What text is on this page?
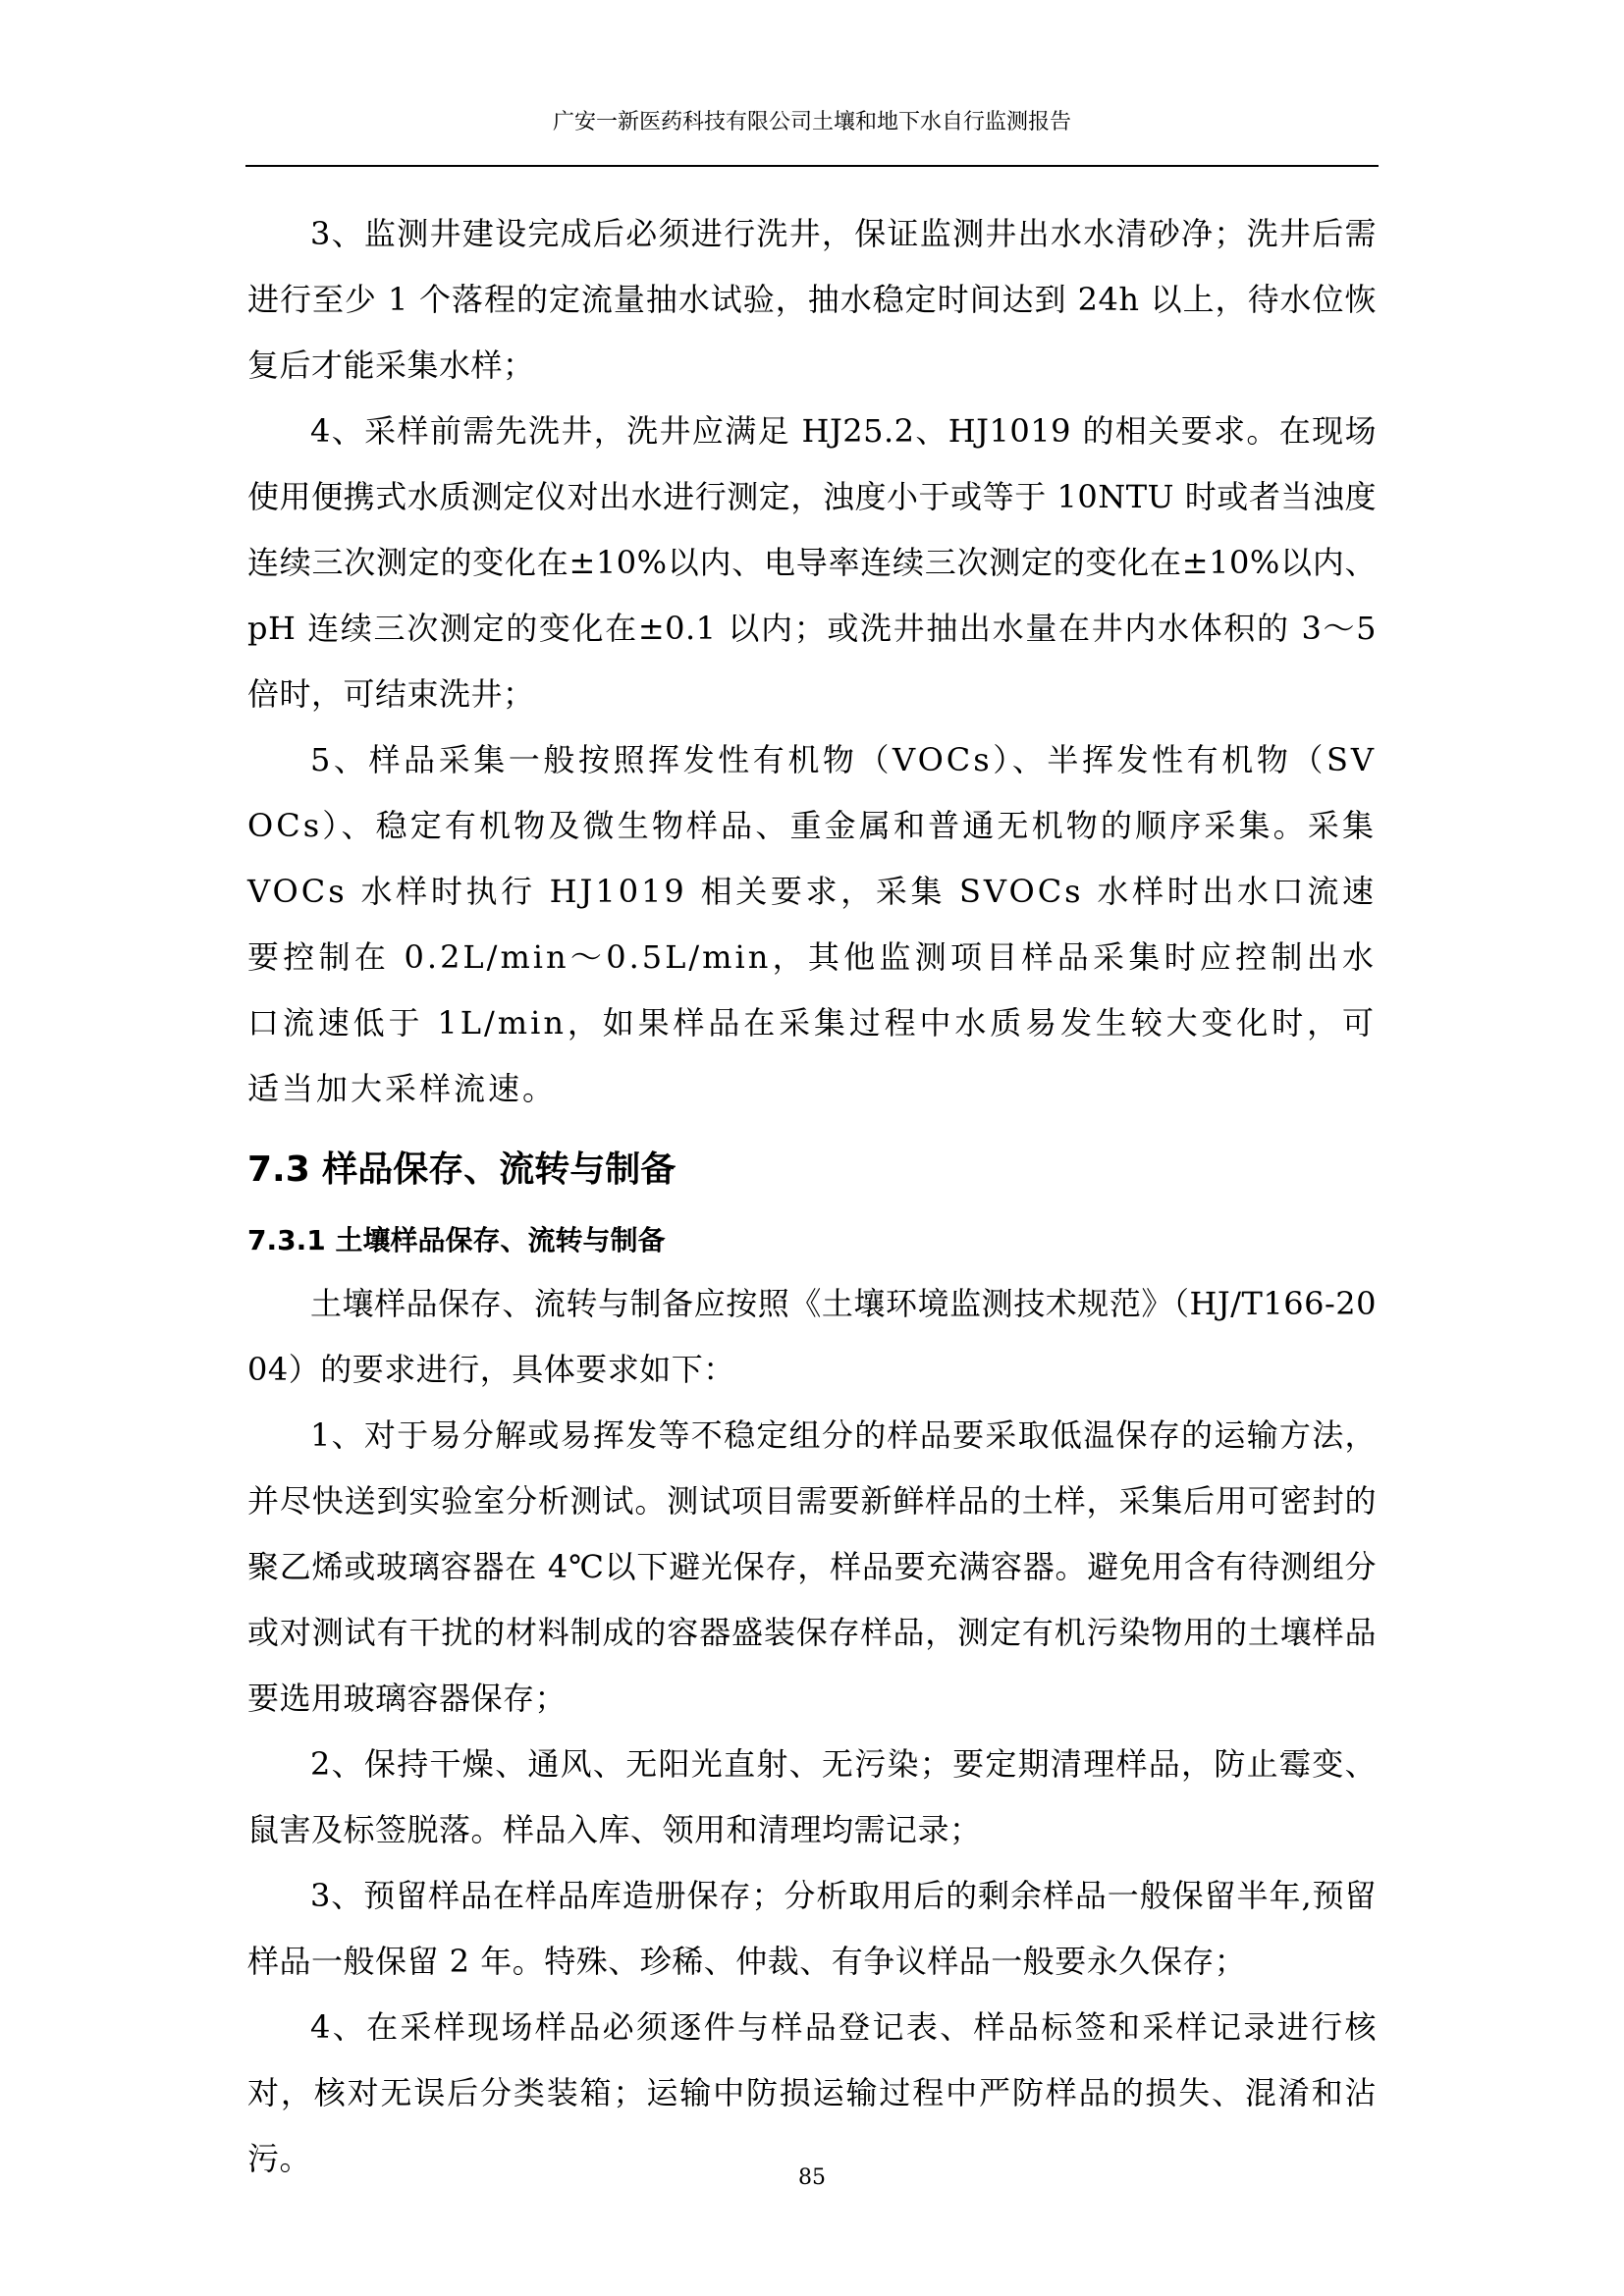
广安一新医药科技有限公司土壤和地下水自行监测报告

3、监测井建设完成后必须进行洗井，保证监测井出水水清砂净；洗井后需进行至少 1 个落程的定流量抽水试验，抽水稳定时间达到 24h 以上，待水位恢复后才能采集水样；

4、采样前需先洗井，洗井应满足 HJ25.2、HJ1019 的相关要求。在现场使用便携式水质测定仪对出水进行测定，浊度小于或等于 10NTU 时或者当浊度连续三次测定的变化在±10%以内、电导率连续三次测定的变化在±10%以内、pH 连续三次测定的变化在±0.1 以内；或洗井抽出水量在井内水体积的 3～5 倍时，可结束洗井；

5、样品采集一般按照挥发性有机物（VOCs）、半挥发性有机物（SVOCs）、稳定有机物及微生物样品、重金属和普通无机物的顺序采集。采集 VOCs 水样时执行 HJ1019 相关要求，采集 SVOCs 水样时出水口流速要控制在 0.2L/min～0.5L/min，其他监测项目样品采集时应控制出水口流速低于 1L/min，如果样品在采集过程中水质易发生较大变化时，可适当加大采样流速。

7.3 样品保存、流转与制备
7.3.1 土壤样品保存、流转与制备

土壤样品保存、流转与制备应按照《土壤环境监测技术规范》（HJ/T166-2004）的要求进行，具体要求如下：

1、对于易分解或易挥发等不稳定组分的样品要采取低温保存的运输方法，并尽快送到实验室分析测试。测试项目需要新鲜样品的土样，采集后用可密封的聚乙烯或玻璃容器在 4℃以下避光保存，样品要充满容器。避免用含有待测组分或对测试有干扰的材料制成的容器盛装保存样品，测定有机污染物用的土壤样品要选用玻璃容器保存；

2、保持干燥、通风、无阳光直射、无污染；要定期清理样品，防止霉变、鼠害及标签脱落。样品入库、领用和清理均需记录；

3、预留样品在样品库造册保存；分析取用后的剩余样品一般保留半年,预留样品一般保留 2 年。特殊、珍稀、仲裁、有争议样品一般要永久保存；

4、在采样现场样品必须逐件与样品登记表、样品标签和采样记录进行核对，核对无误后分类装箱；运输中防损运输过程中严防样品的损失、混淆和沾污。

85
